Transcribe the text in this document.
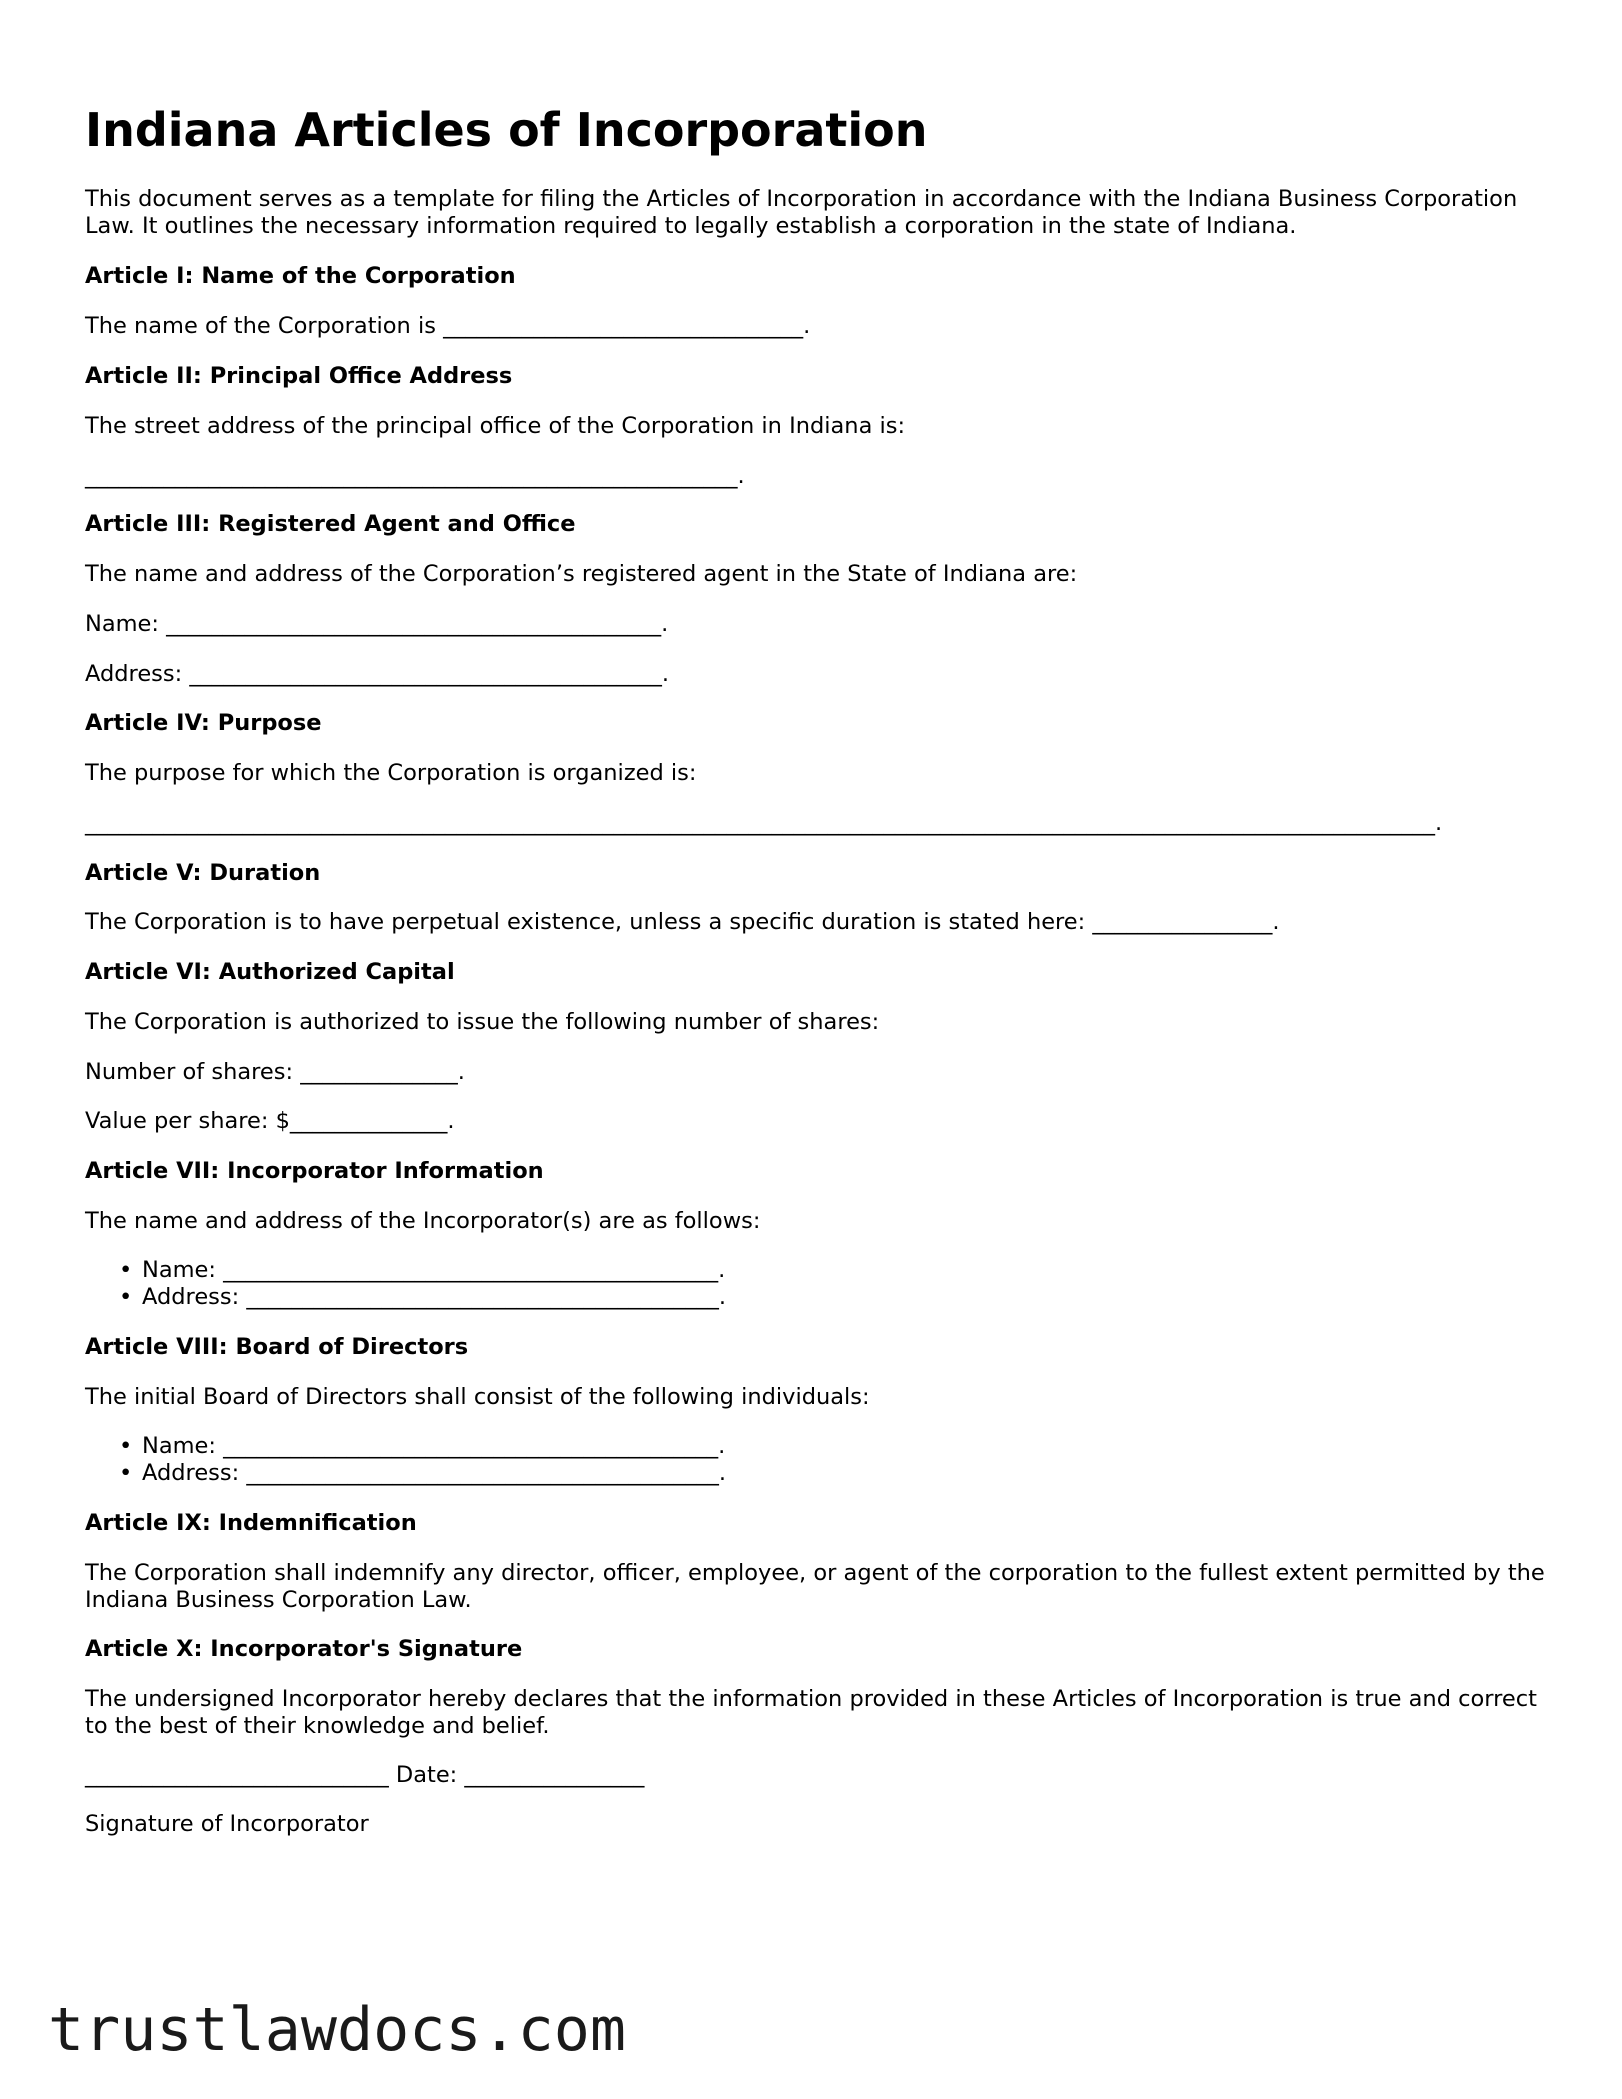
Indiana Articles of Incorporation

This document serves as a template for filing the Articles of Incorporation in accordance with the Indiana Business Corporation Law. It outlines the necessary information required to legally establish a corporation in the state of Indiana.

Article I: Name of the Corporation

The name of the Corporation is ________________________________.

Article II: Principal Office Address

The street address of the principal office of the Corporation in Indiana is:

__________________________________________________________.

Article III: Registered Agent and Office

The name and address of the Corporation’s registered agent in the State of Indiana are:

Name: ____________________________________________.

Address: __________________________________________.

Article IV: Purpose

The purpose for which the Corporation is organized is:

________________________________________________________________________________________________________________________.

Article V: Duration

The Corporation is to have perpetual existence, unless a specific duration is stated here: ________________.

Article VI: Authorized Capital

The Corporation is authorized to issue the following number of shares:

Number of shares: ______________.

Value per share: $______________.

Article VII: Incorporator Information

The name and address of the Incorporator(s) are as follows:

• Name: ____________________________________________.
• Address: __________________________________________.

Article VIII: Board of Directors

The initial Board of Directors shall consist of the following individuals:

• Name: ____________________________________________.
• Address: __________________________________________.

Article IX: Indemnification

The Corporation shall indemnify any director, officer, employee, or agent of the corporation to the fullest extent permitted by the Indiana Business Corporation Law.

Article X: Incorporator's Signature

The undersigned Incorporator hereby declares that the information provided in these Articles of Incorporation is true and correct to the best of their knowledge and belief.

___________________________ Date: ________________

Signature of Incorporator

trustlawdocs.com
